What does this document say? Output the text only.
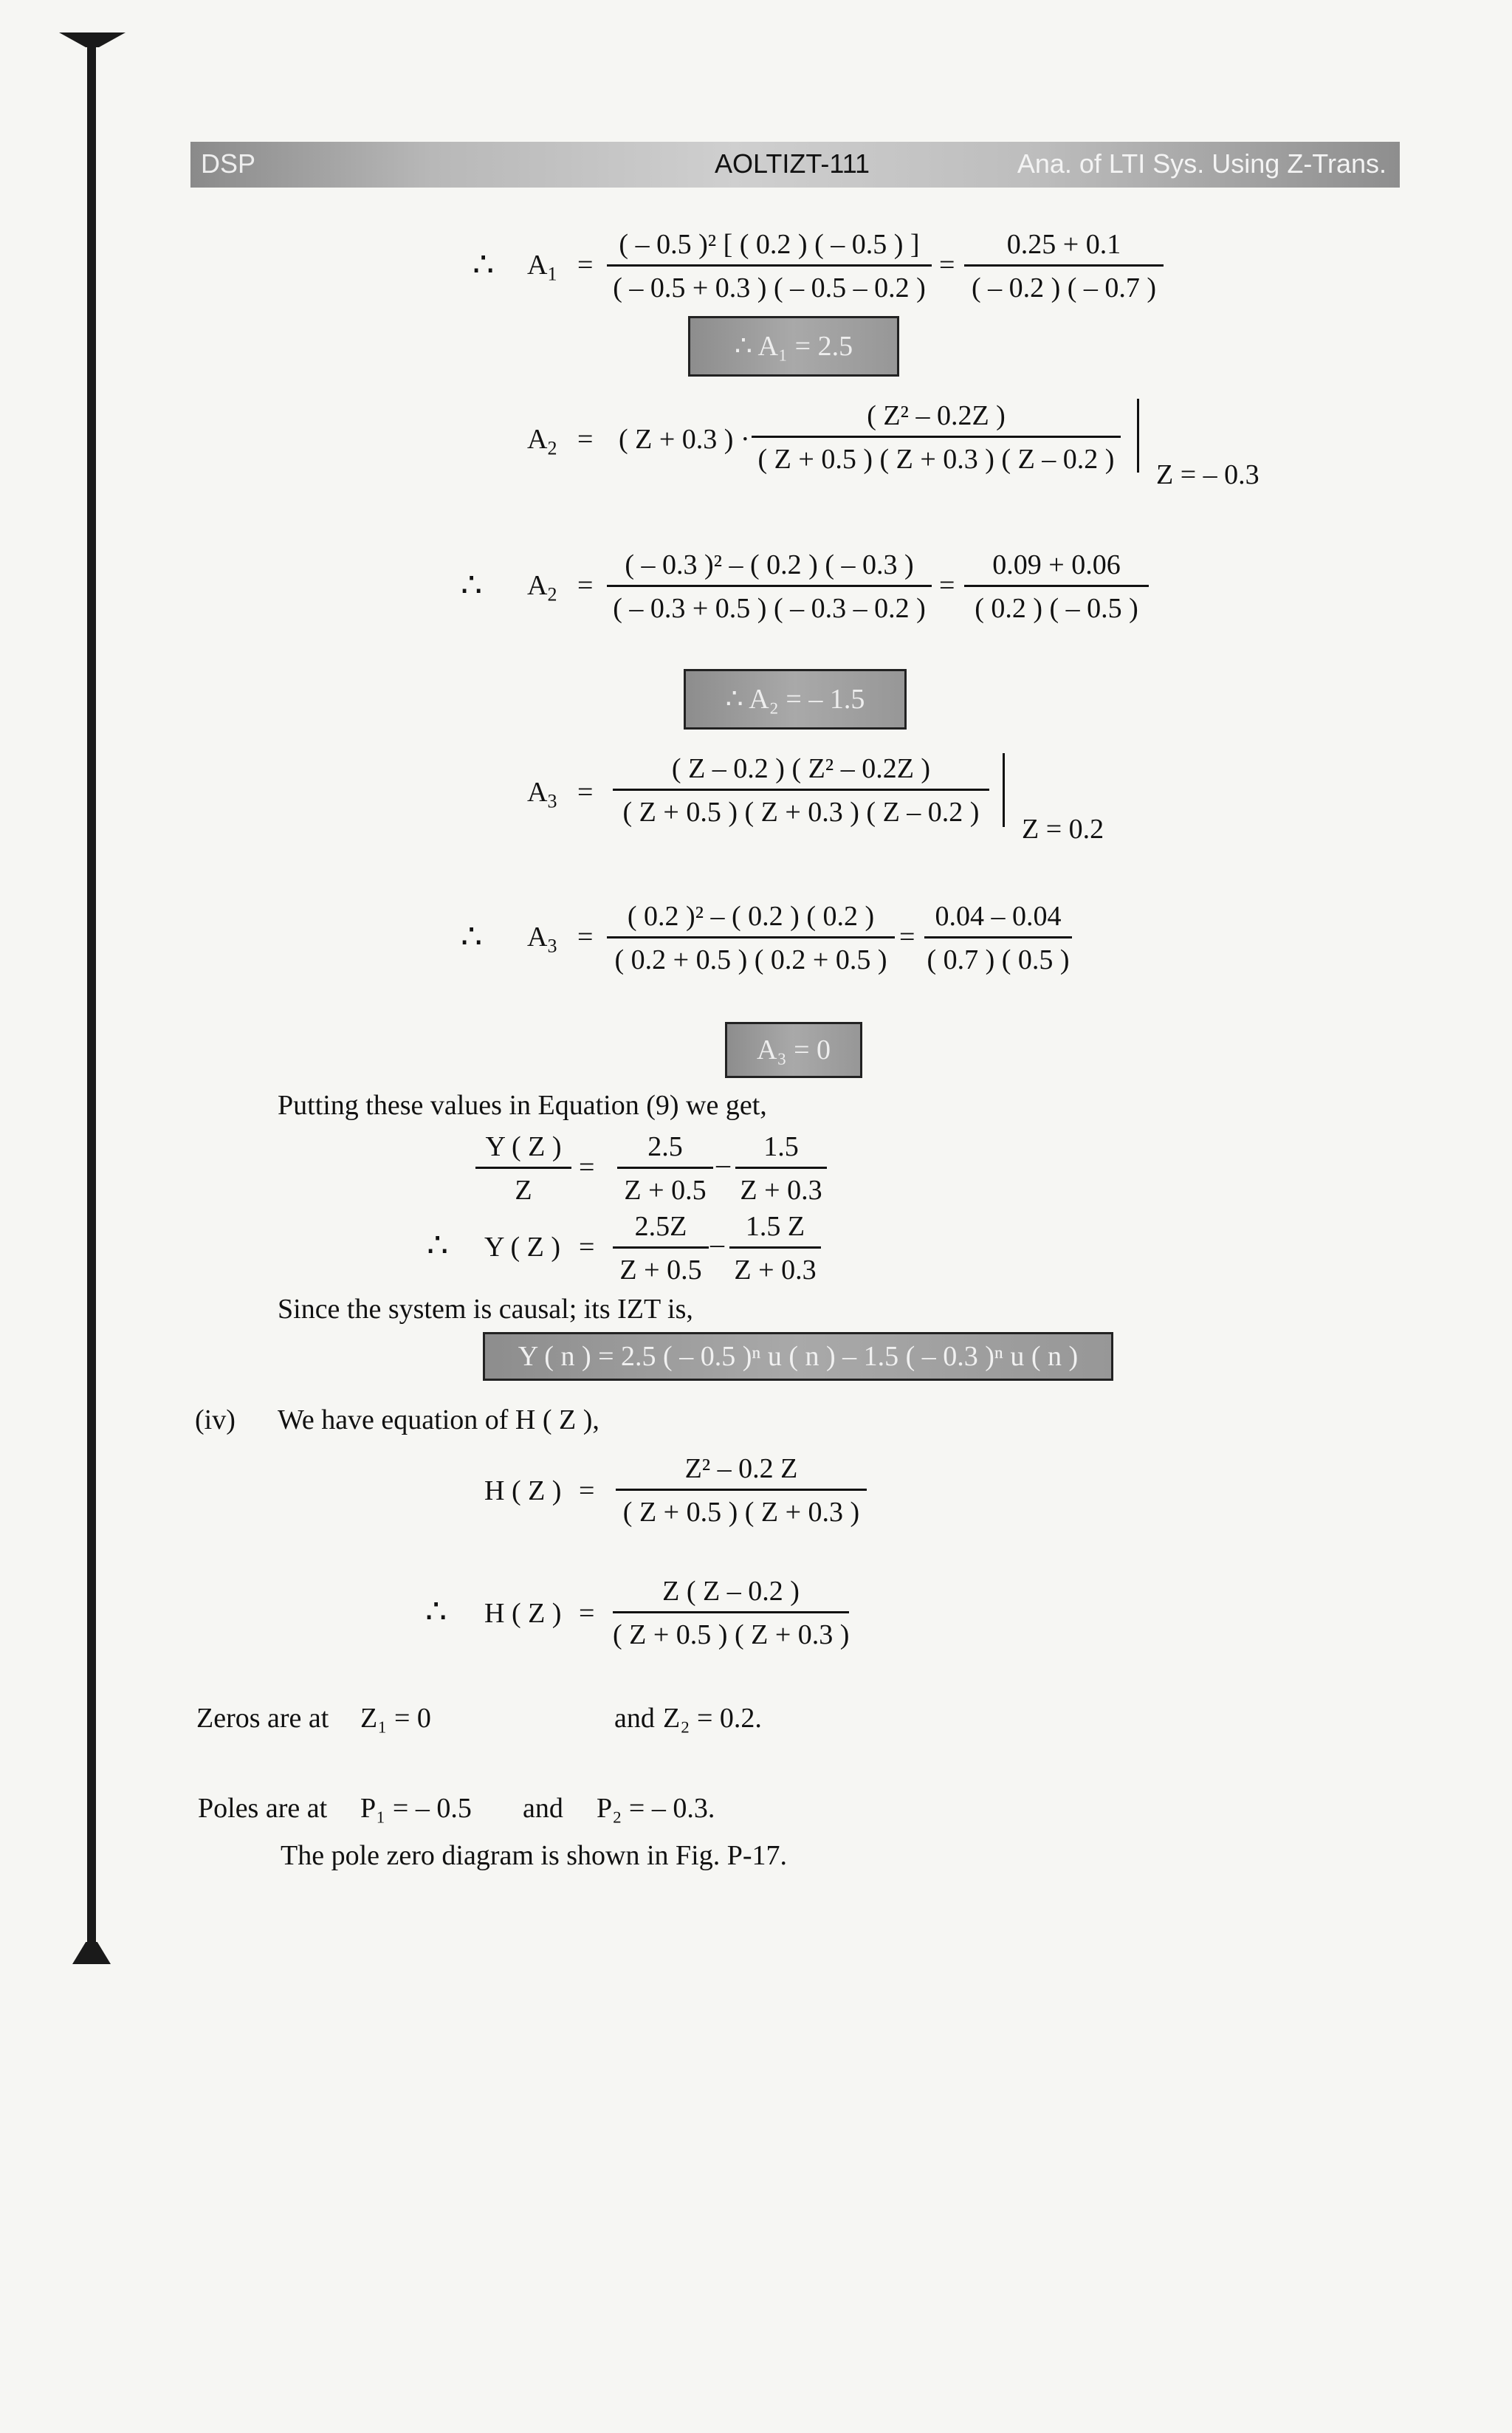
DSP	AOLTIZT-111	Ana. of LTI Sys. Using Z-Trans.
∴ $A_1$ =
( – 0.5 )² [ ( 0.2 ) ( – 0.5 ) ]
( – 0.5 + 0.3 ) ( – 0.5 – 0.2 )
=
0.25 + 0.1
( – 0.2 ) ( – 0.7 )
∴ A₁ = 2.5
$A_2$ = ( Z + 0.3 ) ·
( Z² – 0.2Z )
( Z + 0.5 ) ( Z + 0.3 ) ( Z – 0.2 ) Z = – 0.3
∴ $A_2$ =
( – 0.3 )² – ( 0.2 ) ( – 0.3 )
( – 0.3 + 0.5 ) ( – 0.3 – 0.2 )
=
0.09 + 0.06
( 0.2 ) ( – 0.5 )
∴ A₂ = – 1.5
$A_3$ =
( Z – 0.2 ) ( Z² – 0.2Z )
( Z + 0.5 ) ( Z + 0.3 ) ( Z – 0.2 )
Z = 0.2
∴ $A_3$ =
( 0.2 )² – ( 0.2 ) ( 0.2 )
( 0.2 + 0.5 ) ( 0.2 + 0.5 )
=
0.04 – 0.04
( 0.7 ) ( 0.5 )
A₃ = 0
Putting these values in Equation (9) we get,
Y ( Z )
Z
=
2.5
Z + 0.5
–
1.5
Z + 0.3
∴ Y ( Z ) =
2.5Z
Z + 0.5
–
1.5 Z
Z + 0.3
Since the system is causal; its IZT is,
Y ( n ) = 2.5 ( – 0.5 )ⁿ u ( n ) – 1.5 ( – 0.3 )ⁿ u ( n )
(iv) We have equation of H ( Z ),
H ( Z ) =
Z² – 0.2 Z
( Z + 0.5 ) ( Z + 0.3 )
∴ H ( Z ) =
Z ( Z – 0.2 )
( Z + 0.5 ) ( Z + 0.3 )
Zeros are at Z₁ = 0	and Z₂ = 0.2.
Poles are at P₁ = – 0.5 and P₂ = – 0.3.
The pole zero diagram is shown in Fig. P-17.
